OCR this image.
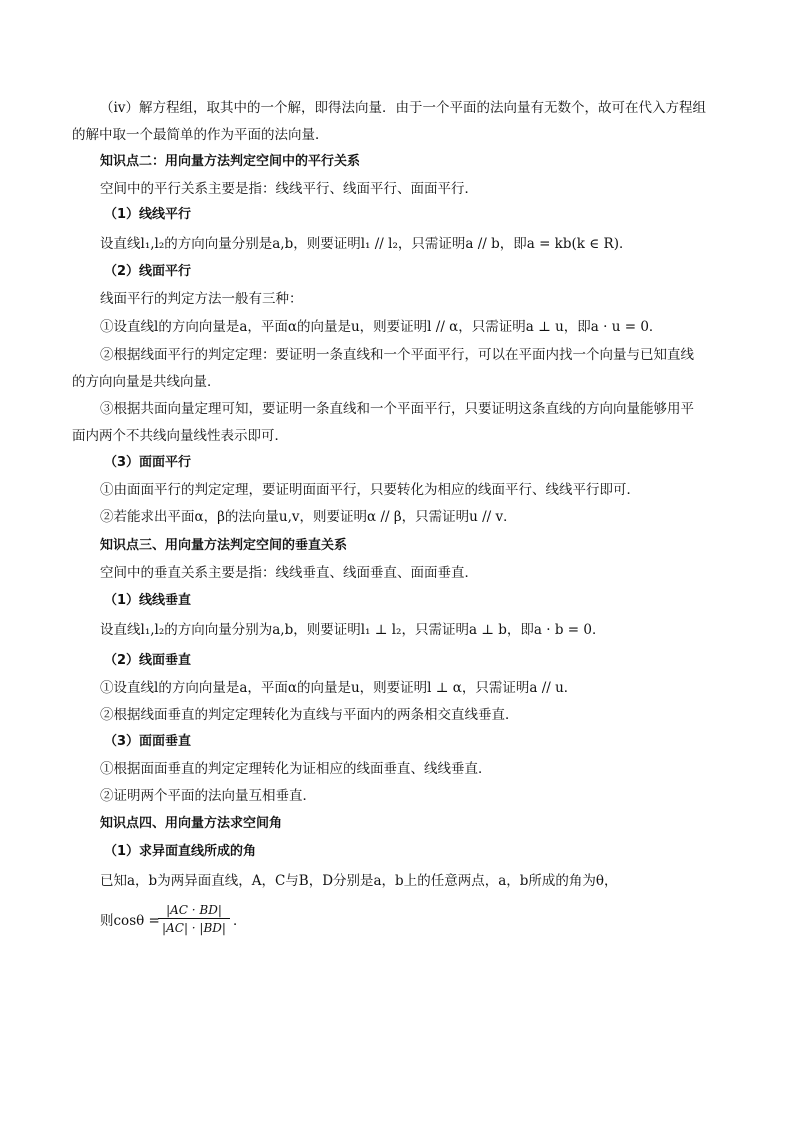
（ⅳ）解方程组，取其中的一个解，即得法向量．由于一个平面的法向量有无数个，故可在代入方程组
的解中取一个最简单的作为平面的法向量．
知识点二：用向量方法判定空间中的平行关系
空间中的平行关系主要是指：线线平行、线面平行、面面平行．
（1）线线平行
设直线l₁,l₂的方向向量分别是a,b，则要证明l₁ // l₂，只需证明a // b，即a = kb(k ∈ R)．
（2）线面平行
线面平行的判定方法一般有三种：
①设直线l的方向向量是a，平面α的向量是u，则要证明l // α，只需证明a ⊥ u，即a · u = 0．
②根据线面平行的判定定理：要证明一条直线和一个平面平行，可以在平面内找一个向量与已知直线
的方向向量是共线向量．
③根据共面向量定理可知，要证明一条直线和一个平面平行，只要证明这条直线的方向向量能够用平
面内两个不共线向量线性表示即可．
（3）面面平行
①由面面平行的判定定理，要证明面面平行，只要转化为相应的线面平行、线线平行即可．
②若能求出平面α，β的法向量u,v，则要证明α // β，只需证明u // v．
知识点三、用向量方法判定空间的垂直关系
空间中的垂直关系主要是指：线线垂直、线面垂直、面面垂直．
（1）线线垂直
设直线l₁,l₂的方向向量分别为a,b，则要证明l₁ ⊥ l₂，只需证明a ⊥ b，即a · b = 0．
（2）线面垂直
①设直线l的方向向量是a，平面α的向量是u，则要证明l ⊥ α，只需证明a // u．
②根据线面垂直的判定定理转化为直线与平面内的两条相交直线垂直．
（3）面面垂直
①根据面面垂直的判定定理转化为证相应的线面垂直、线线垂直．
②证明两个平面的法向量互相垂直．
知识点四、用向量方法求空间角
（1）求异面直线所成的角
已知a，b为两异面直线，A，C与B，D分别是a，b上的任意两点，a，b所成的角为θ，
则cosθ =
$\frac{|AC \cdot BD|}{|AC| \cdot |BD|}$ ．
